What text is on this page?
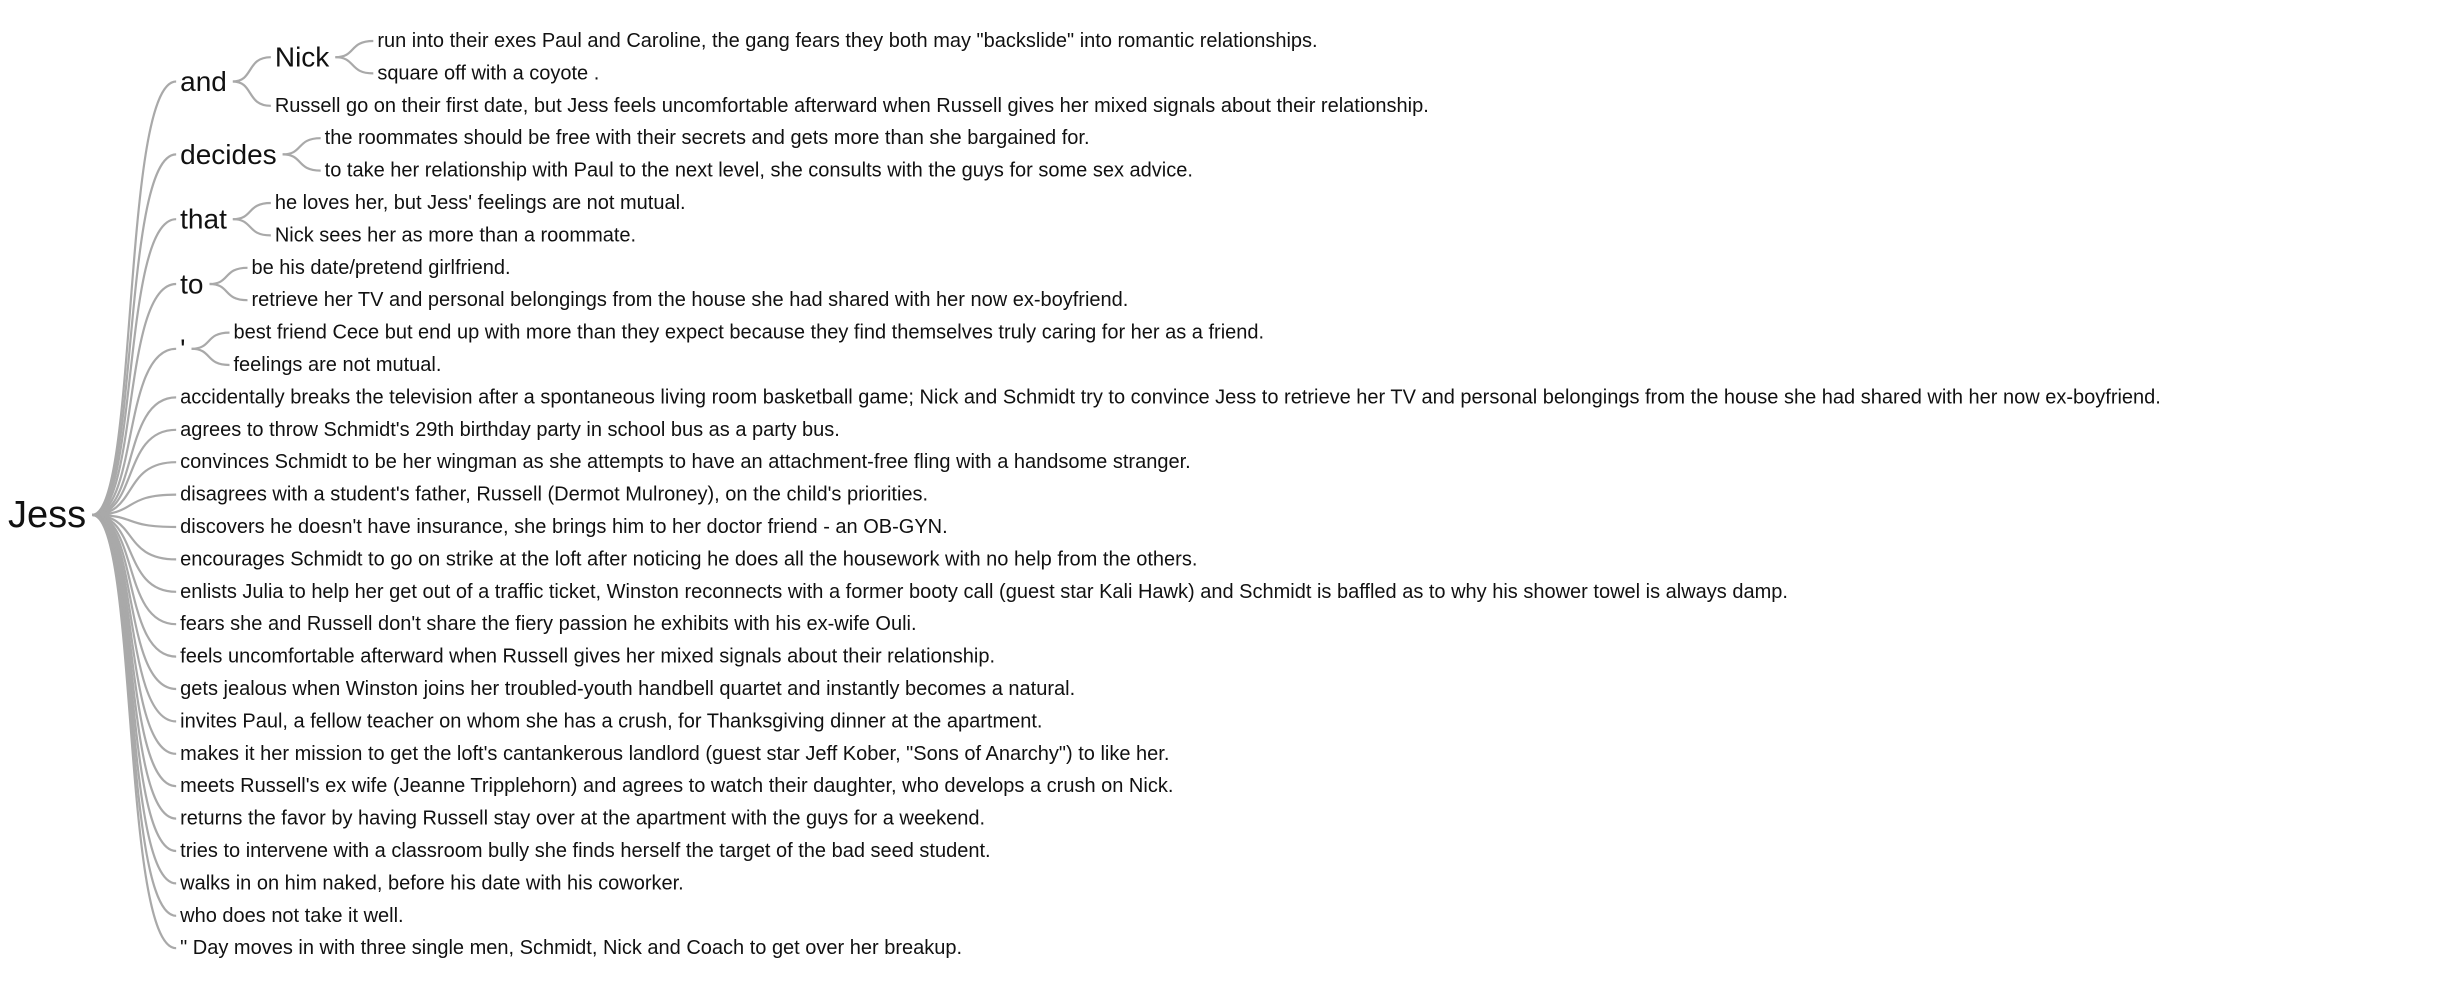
Jess
and
Nick
run into their exes Paul and Caroline, the gang fears they both may "backslide" into romantic relationships.
square off with a coyote .
Russell go on their first date, but Jess feels uncomfortable afterward when Russell gives her mixed signals about their relationship.
decides
the roommates should be free with their secrets and gets more than she bargained for.
to take her relationship with Paul to the next level, she consults with the guys for some sex advice.
that
he loves her, but Jess' feelings are not mutual.
Nick sees her as more than a roommate.
to
be his date/pretend girlfriend.
retrieve her TV and personal belongings from the house she had shared with her now ex-boyfriend.
'
best friend Cece but end up with more than they expect because they find themselves truly caring for her as a friend.
feelings are not mutual.
accidentally breaks the television after a spontaneous living room basketball game; Nick and Schmidt try to convince Jess to retrieve her TV and personal belongings from the house she had shared with her now ex-boyfriend.
agrees to throw Schmidt's 29th birthday party in school bus as a party bus.
convinces Schmidt to be her wingman as she attempts to have an attachment-free fling with a handsome stranger.
disagrees with a student's father, Russell (Dermot Mulroney), on the child's priorities.
discovers he doesn't have insurance, she brings him to her doctor friend - an OB-GYN.
encourages Schmidt to go on strike at the loft after noticing he does all the housework with no help from the others.
enlists Julia to help her get out of a traffic ticket, Winston reconnects with a former booty call (guest star Kali Hawk) and Schmidt is baffled as to why his shower towel is always damp.
fears she and Russell don't share the fiery passion he exhibits with his ex-wife Ouli.
feels uncomfortable afterward when Russell gives her mixed signals about their relationship.
gets jealous when Winston joins her troubled-youth handbell quartet and instantly becomes a natural.
invites Paul, a fellow teacher on whom she has a crush, for Thanksgiving dinner at the apartment.
makes it her mission to get the loft's cantankerous landlord (guest star Jeff Kober, "Sons of Anarchy") to like her.
meets Russell's ex wife (Jeanne Tripplehorn) and agrees to watch their daughter, who develops a crush on Nick.
returns the favor by having Russell stay over at the apartment with the guys for a weekend.
tries to intervene with a classroom bully she finds herself the target of the bad seed student.
walks in on him naked, before his date with his coworker.
who does not take it well.
" Day moves in with three single men, Schmidt, Nick and Coach to get over her breakup.
